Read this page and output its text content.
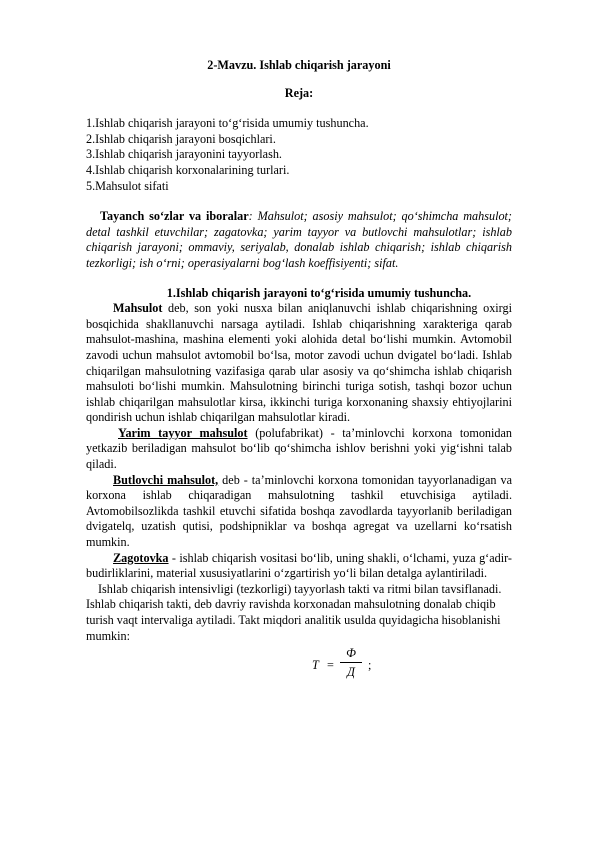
2-Mavzu. Ishlab chiqarish jarayoni
Reja:
1.Ishlab chiqarish jarayoni to‘g‘risida umumiy tushuncha.
2.Ishlab chiqarish jarayoni bosqichlari.
3.Ishlab chiqarish jarayonini tayyorlash.
4.Ishlab chiqarish korxonalarining turlari.
5.Mahsulot sifati
Tayanch so‘zlar va iboralar: Mahsulot; asosiy mahsulot; qo‘shimcha mahsulot; detal tashkil etuvchilar; zagatovka; yarim tayyor va butlovchi mahsulotlar; ishlab chiqarish jarayoni; ommaviy, seriyalab, donalab ishlab chiqarish; ishlab chiqarish tezkorligi; ish o‘rni; operasiyalarni bog‘lash koeffisiyenti; sifat.
1.Ishlab chiqarish jarayoni to‘g‘risida umumiy tushuncha.

Mahsulot deb, son yoki nusxa bilan aniqlanuvchi ishlab chiqarishning oxirgi bosqichida shakllanuvchi narsaga aytiladi. Ishlab chiqarishning xarakteriga qarab mahsulot-mashina, mashina elementi yoki alohida detal bo‘lishi mumkin. Avtomobil zavodi uchun mahsulot avtomobil bo‘lsa, motor zavodi uchun dvigatel bo‘ladi. Ishlab chiqarilgan mahsulotning vazifasiga qarab ular asosiy va qo‘shimcha ishlab chiqarish mahsuloti bo‘lishi mumkin. Mahsulotning birinchi turiga sotish, tashqi bozor uchun ishlab chiqarilgan mahsulotlar kirsa, ikkinchi turiga korxonaning shaxsiy ehtiyojlarini qondirish uchun ishlab chiqarilgan mahsulotlar kiradi.

Yarim tayyor mahsulot (polufabrikat) - ta’minlovchi korxona tomonidan yetkazib beriladigan mahsulot bo‘lib qo‘shimcha ishlov berishni yoki yig‘ishni talab qiladi.

Butlovchi mahsulot, deb - ta’minlovchi korxona tomonidan tayyorlanadigan va korxona ishlab chiqaradigan mahsulotning tashkil etuvchisiga aytiladi. Avtomobilsozlikda tashkil etuvchi sifatida boshqa zavodlarda tayyorlanib beriladigan dvigatelq, uzatish qutisi, podshipniklar va boshqa agregat va uzellarni ko‘rsatish mumkin.

Zagotovka - ishlab chiqarish vositasi bo‘lib, uning shakli, o‘lchami, yuza g‘adir-budirliklarini, material xususiyatlarini o‘zgartirish yo‘li bilan detalga aylantiriladi.

Ishlab chiqarish intensivligi (tezkorligi) tayyorlash takti va ritmi bilan tavsiflanadi. Ishlab chiqarish takti, deb davriy ravishda korxonadan mahsulotning donalab chiqib turish vaqt intervaliga aytiladi. Takt miqdori analitik usulda quyidagicha hisoblanishi mumkin:

T =
Ф
Д	;
